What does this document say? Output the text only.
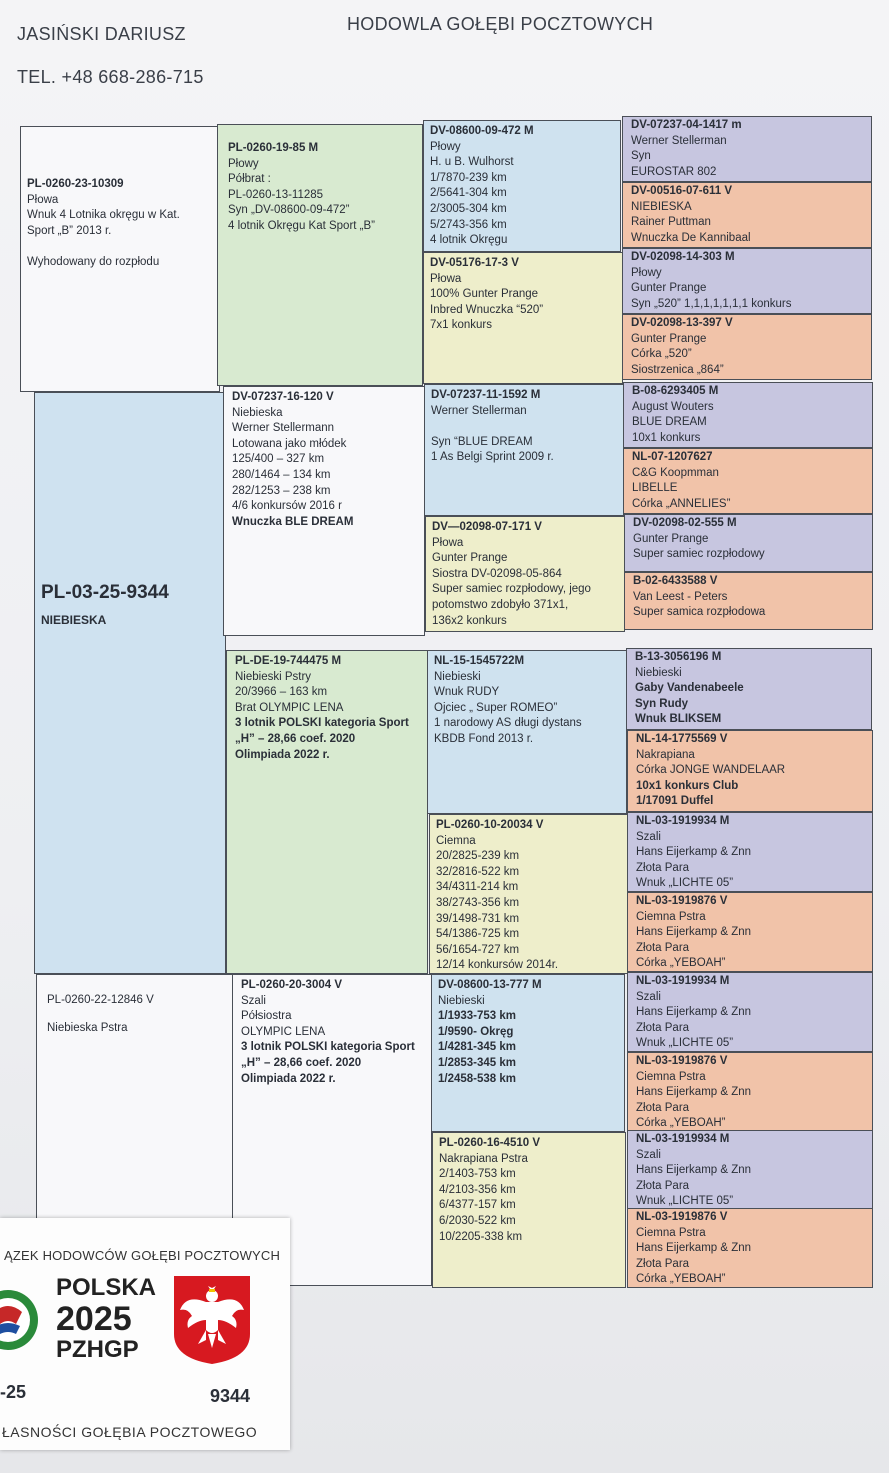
JASIŃSKI DARIUSZ
TEL. +48 668-286-715
HODOWLA GOŁĘBI POCZTOWYCH
PL-0260-23-10309
Płowa
Wnuk 4 Lotnika okręgu w Kat.
Sport „B” 2013 r.

Wyhodowany do rozpłodu
PL-03-25-9344
NIEBIESKA
PL-0260-22-12846 V
Niebieska Pstra
PL-0260-19-85 M
Płowy
Półbrat :
PL-0260-13-11285
Syn „DV-08600-09-472”
4 lotnik Okręgu Kat Sport „B”
DV-07237-16-120 V
Niebieska
Werner Stellermann
Lotowana jako młódek
125/400 – 327 km
280/1464 – 134 km
282/1253 – 238 km
4/6 konkursów 2016 r
Wnuczka BLE DREAM
PL-DE-19-744475 M
Niebieski Pstry
20/3966 – 163 km
Brat OLYMPIC LENA
3 lotnik POLSKI kategoria Sport
„H” – 28,66 coef. 2020
Olimpiada 2022 r.
PL-0260-20-3004 V
Szali
Półsiostra
OLYMPIC LENA
3 lotnik POLSKI kategoria Sport
„H” – 28,66 coef. 2020
Olimpiada 2022 r.
DV-08600-09-472 M
Płowy
H. u B. Wulhorst
1/7870-239 km
2/5641-304 km
2/3005-304 km
5/2743-356 km
4 lotnik Okręgu
DV-05176-17-3 V
Płowa
100% Gunter Prange
Inbred Wnuczka “520”
7x1 konkurs
DV-07237-11-1592 M
Werner Stellerman

Syn “BLUE DREAM
1 As Belgi Sprint 2009 r.
DV—02098-07-171 V
Płowa
Gunter Prange
Siostra DV-02098-05-864
Super samiec rozpłodowy, jego
potomstwo zdobyło 371x1,
136x2 konkurs
NL-15-1545722M
Niebieski
Wnuk RUDY
Ojciec „ Super ROMEO”
1 narodowy AS długi dystans
KBDB Fond 2013 r.
PL-0260-10-20034 V
Ciemna
20/2825-239 km
32/2816-522 km
34/4311-214 km
38/2743-356 km
39/1498-731 km
54/1386-725 km
56/1654-727 km
12/14 konkursów 2014r.
DV-08600-13-777 M
Niebieski
1/1933-753 km
1/9590- Okręg
1/4281-345 km
1/2853-345 km
1/2458-538 km
PL-0260-16-4510 V
Nakrapiana Pstra
2/1403-753 km
4/2103-356 km
6/4377-157 km
6/2030-522 km
10/2205-338 km
DV-07237-04-1417 m
Werner Stellerman
Syn
EUROSTAR 802
DV-00516-07-611 V
NIEBIESKA
Rainer Puttman
Wnuczka De Kannibaal
DV-02098-14-303 M
Płowy
Gunter Prange
Syn „520” 1,1,1,1,1,1,1 konkurs
DV-02098-13-397 V
Gunter Prange
Córka „520”
Siostrzenica „864”
B-08-6293405 M
August Wouters
BLUE DREAM
10x1 konkurs
NL-07-1207627
C&G Koopmman
LIBELLE
Córka „ANNELIES”
DV-02098-02-555 M
Gunter Prange
Super samiec rozpłodowy
B-02-6433588 V
Van Leest - Peters
Super samica rozpłodowa
B-13-3056196 M
Niebieski
Gaby Vandenabeele
Syn Rudy
Wnuk BLIKSEM
NL-14-1775569 V
Nakrapiana
Córka JONGE WANDELAAR
10x1 konkurs Club
1/17091 Duffel
NL-03-1919934 M
Szali
Hans Eijerkamp & Znn
Złota Para
Wnuk „LICHTE 05”
NL-03-1919876 V
Ciemna Pstra
Hans Eijerkamp & Znn
Złota Para
Córka „YEBOAH”
NL-03-1919934 M
Szali
Hans Eijerkamp & Znn
Złota Para
Wnuk „LICHTE 05”
NL-03-1919876 V
Ciemna Pstra
Hans Eijerkamp & Znn
Złota Para
Córka „YEBOAH”
NL-03-1919934 M
Szali
Hans Eijerkamp & Znn
Złota Para
Wnuk „LICHTE 05”
NL-03-1919876 V
Ciemna Pstra
Hans Eijerkamp & Znn
Złota Para
Córka „YEBOAH”
ĄZEK HODOWCÓW GOŁĘBI POCZTOWYCH
POLSKA
2025
PZHGP
-25	9344
ŁASNOŚCI GOŁĘBIA POCZTOWEGO
